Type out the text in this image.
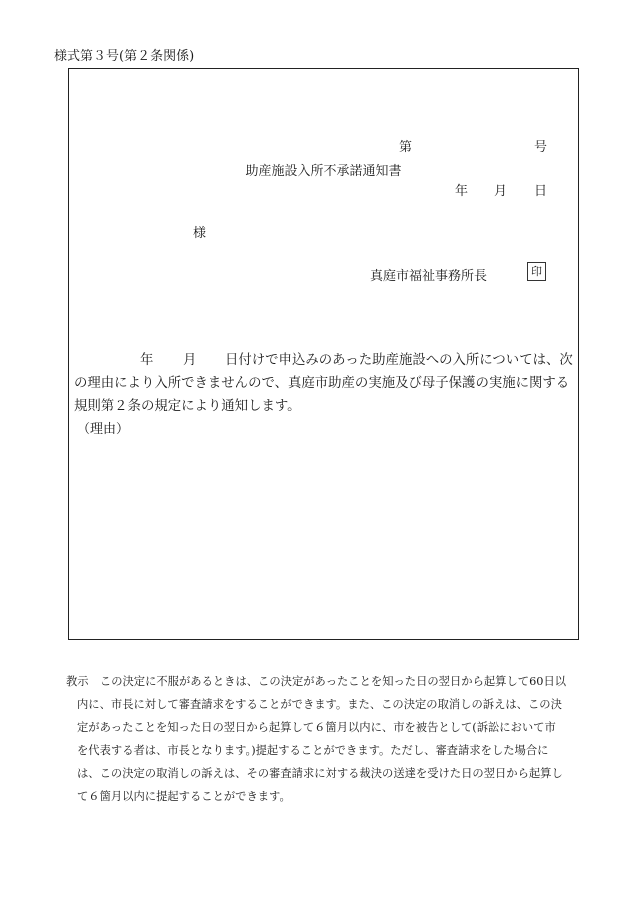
様式第３号(第２条関係)
助産施設入所不承諾通知書
第	号
年 月 日
様
真庭市福祉事務所長	印
年 月 日付けで申込みのあった助産施設への入所については、次
の理由により入所できませんので、真庭市助産の実施及び母子保護の実施に関する
規則第２条の規定により通知します。
（理由）
教示　この決定に不服があるときは、この決定があったことを知った日の翌日から起算して60日以
内に、市長に対して審査請求をすることができます。また、この決定の取消しの訴えは、この決
定があったことを知った日の翌日から起算して６箇月以内に、市を被告として(訴訟において市
を代表する者は、市長となります。)提起することができます。ただし、審査請求をした場合に
は、この決定の取消しの訴えは、その審査請求に対する裁決の送達を受けた日の翌日から起算し
て６箇月以内に提起することができます。
